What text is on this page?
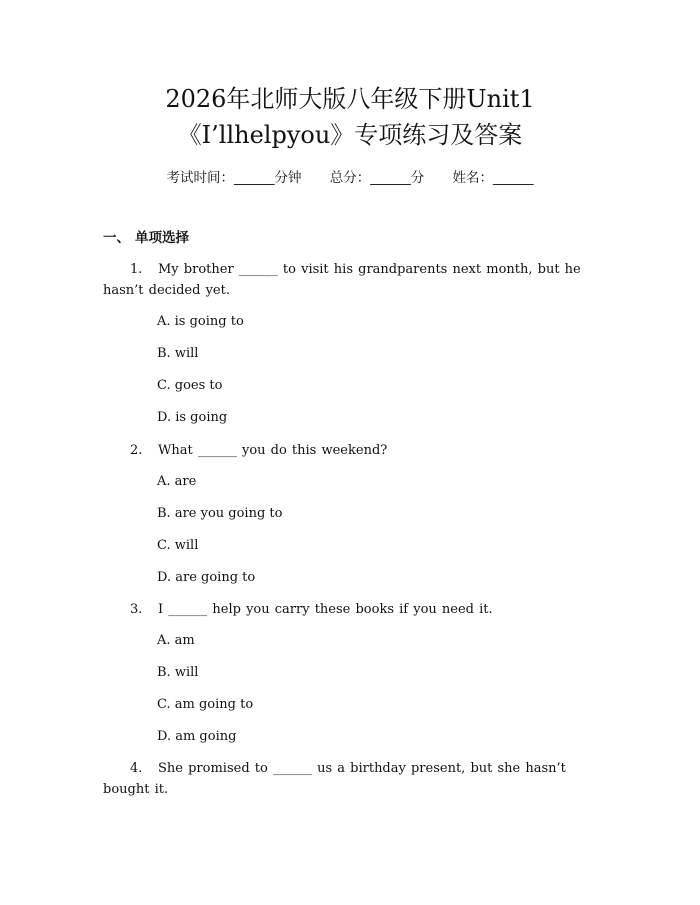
2026年北师大版八年级下册Unit1
《I’llhelpyou》专项练习及答案
考试时间：______分钟 总分：______分 姓名：______
一、 单项选择
1. My brother ______ to visit his grandparents next month, but he hasn’t decided yet.
A. is going to
B. will
C. goes to
D. is going
2. What ______ you do this weekend?
A. are
B. are you going to
C. will
D. are going to
3. I ______ help you carry these books if you need it.
A. am
B. will
C. am going to
D. am going
4. She promised to ______ us a birthday present, but she hasn’t bought it.
